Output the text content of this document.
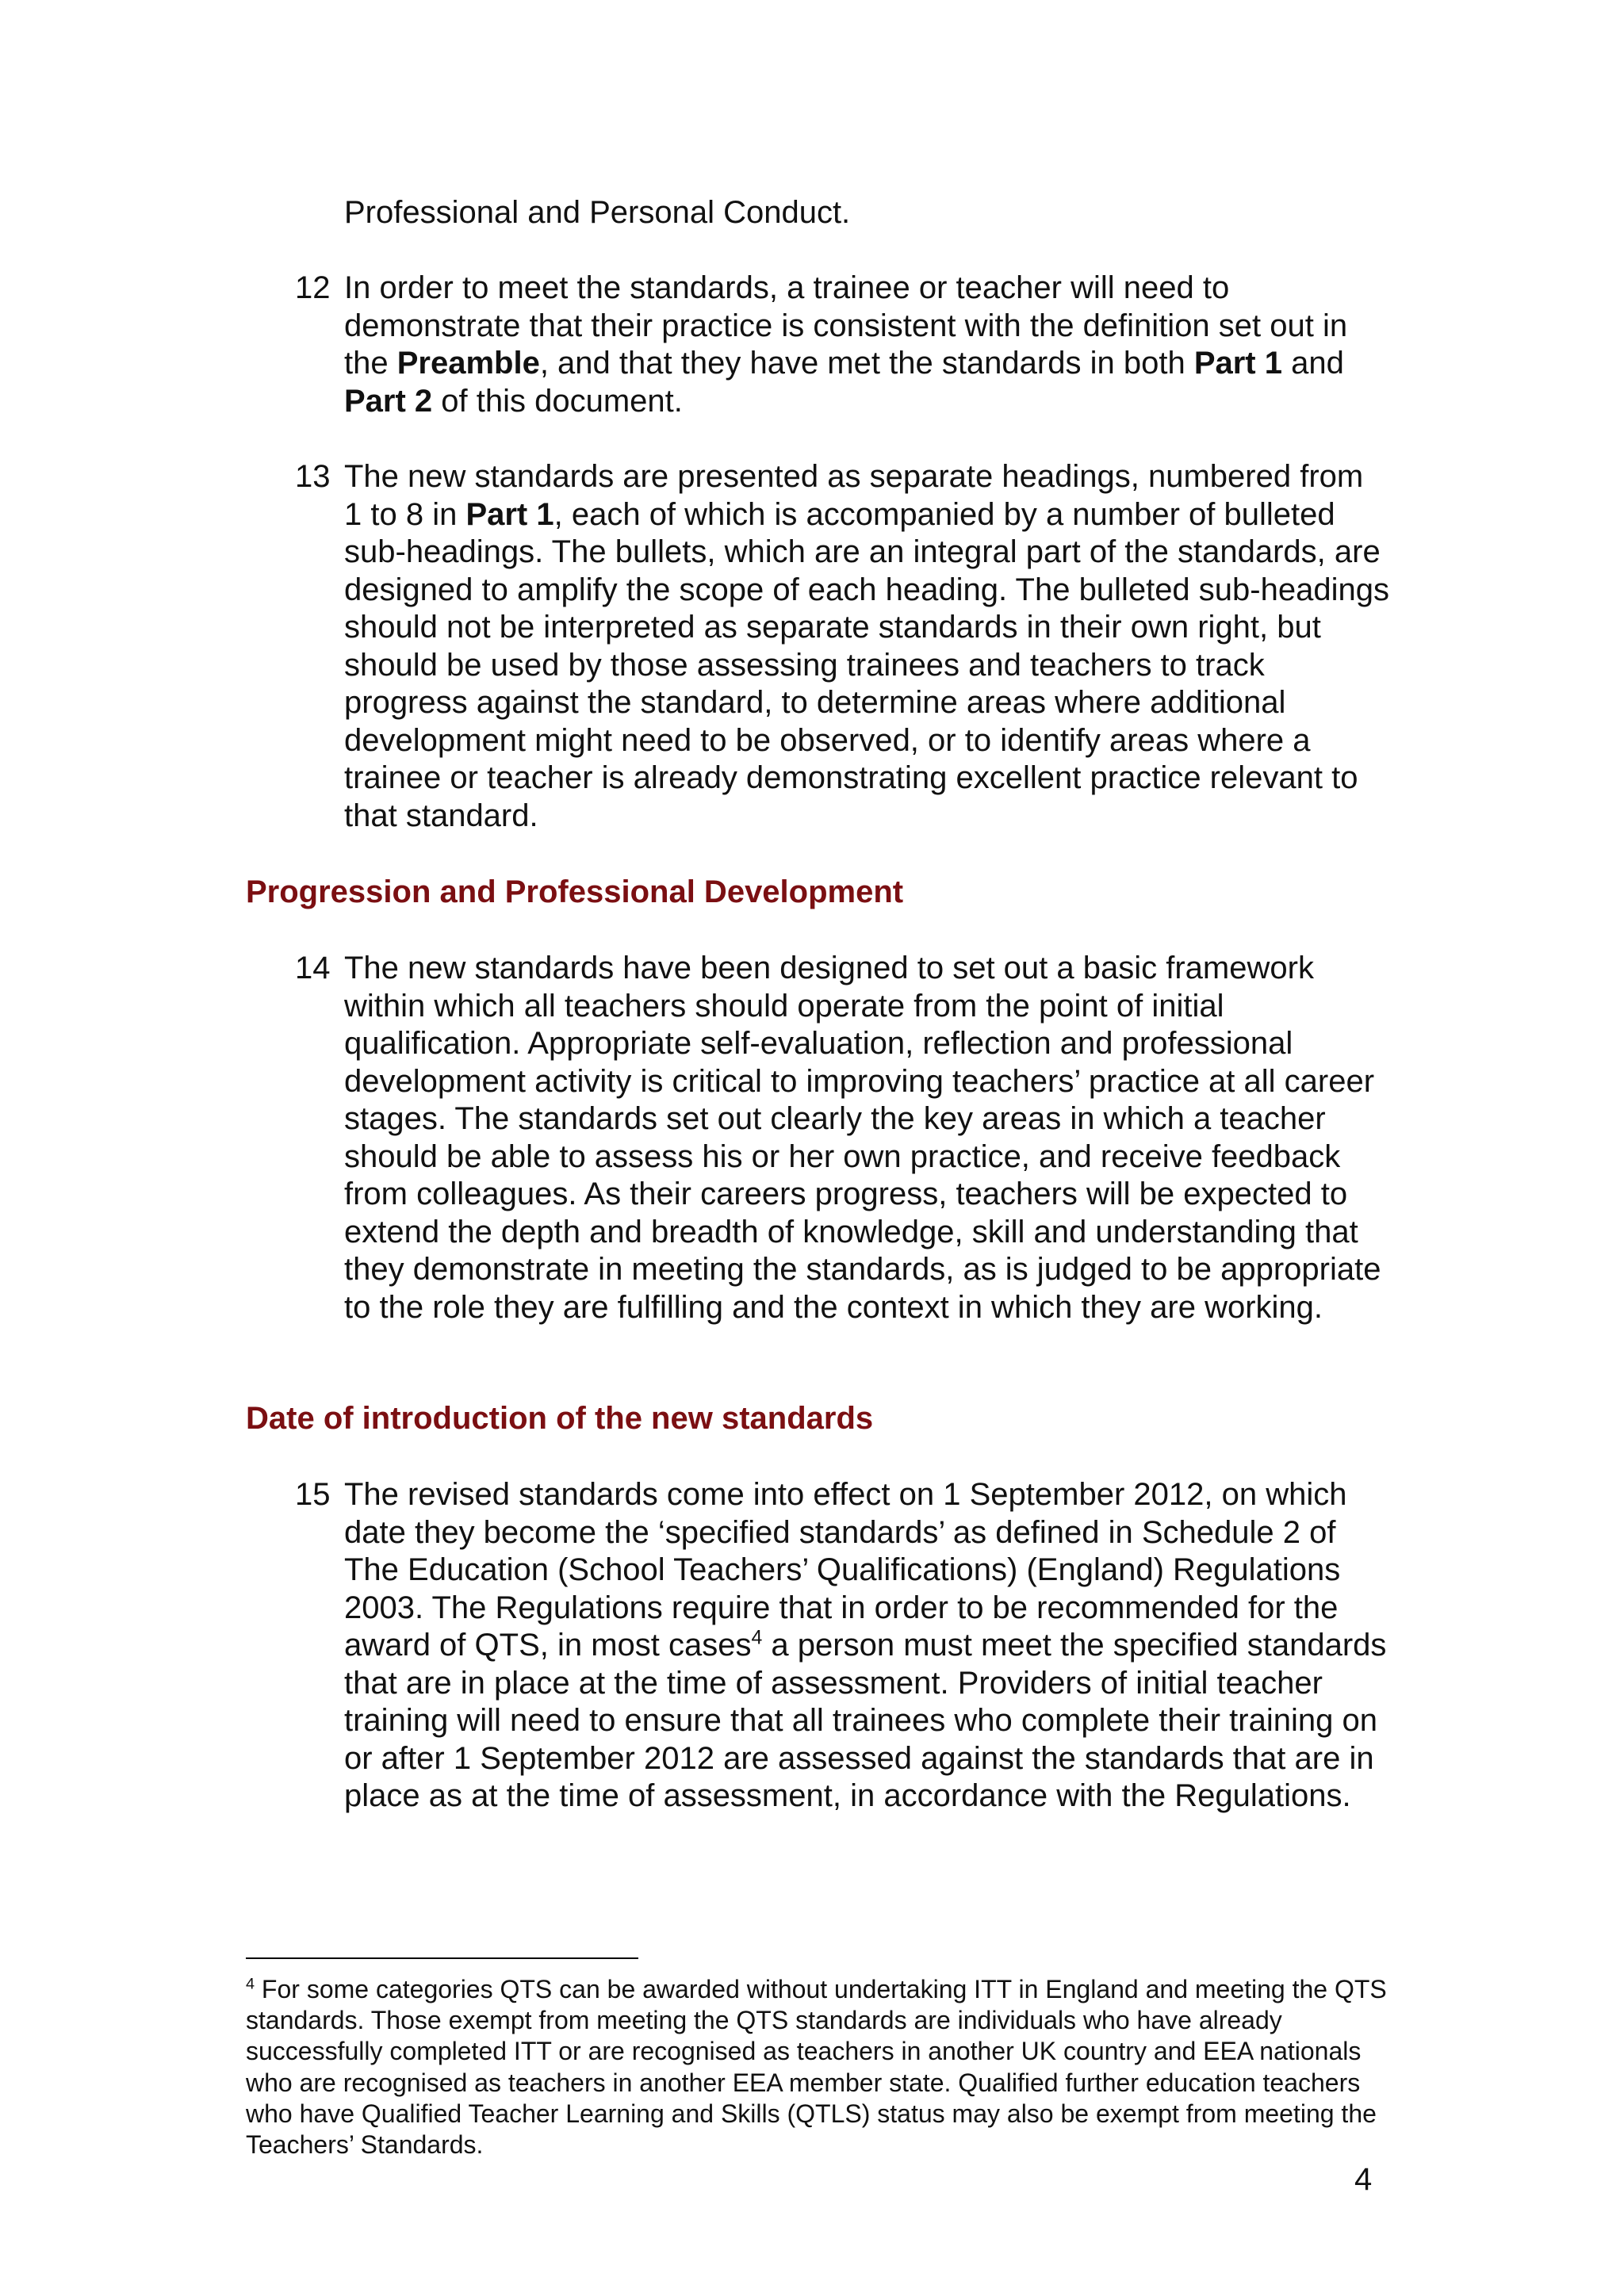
Professional and Personal Conduct.

12 In order to meet the standards, a trainee or teacher will need to demonstrate that their practice is consistent with the definition set out in the Preamble, and that they have met the standards in both Part 1 and Part 2 of this document.

13 The new standards are presented as separate headings, numbered from 1 to 8 in Part 1, each of which is accompanied by a number of bulleted sub-headings. The bullets, which are an integral part of the standards, are designed to amplify the scope of each heading. The bulleted sub-headings should not be interpreted as separate standards in their own right, but should be used by those assessing trainees and teachers to track progress against the standard, to determine areas where additional development might need to be observed, or to identify areas where a trainee or teacher is already demonstrating excellent practice relevant to that standard.

Progression and Professional Development
14 The new standards have been designed to set out a basic framework within which all teachers should operate from the point of initial qualification. Appropriate self-evaluation, reflection and professional development activity is critical to improving teachers’ practice at all career stages. The standards set out clearly the key areas in which a teacher should be able to assess his or her own practice, and receive feedback from colleagues. As their careers progress, teachers will be expected to extend the depth and breadth of knowledge, skill and understanding that they demonstrate in meeting the standards, as is judged to be appropriate to the role they are fulfilling and the context in which they are working.

Date of introduction of the new standards
15 The revised standards come into effect on 1 September 2012, on which date they become the ‘specified standards’ as defined in Schedule 2 of The Education (School Teachers’ Qualifications) (England) Regulations 2003. The Regulations require that in order to be recommended for the award of QTS, in most cases$^4$ a person must meet the specified standards that are in place at the time of assessment. Providers of initial teacher training will need to ensure that all trainees who complete their training on or after 1 September 2012 are assessed against the standards that are in place as at the time of assessment, in accordance with the Regulations.

$^4$ For some categories QTS can be awarded without undertaking ITT in England and meeting the QTS standards. Those exempt from meeting the QTS standards are individuals who have already successfully completed ITT or are recognised as teachers in another UK country and EEA nationals who are recognised as teachers in another EEA member state. Qualified further education teachers who have Qualified Teacher Learning and Skills (QTLS) status may also be exempt from meeting the Teachers’ Standards.

4
